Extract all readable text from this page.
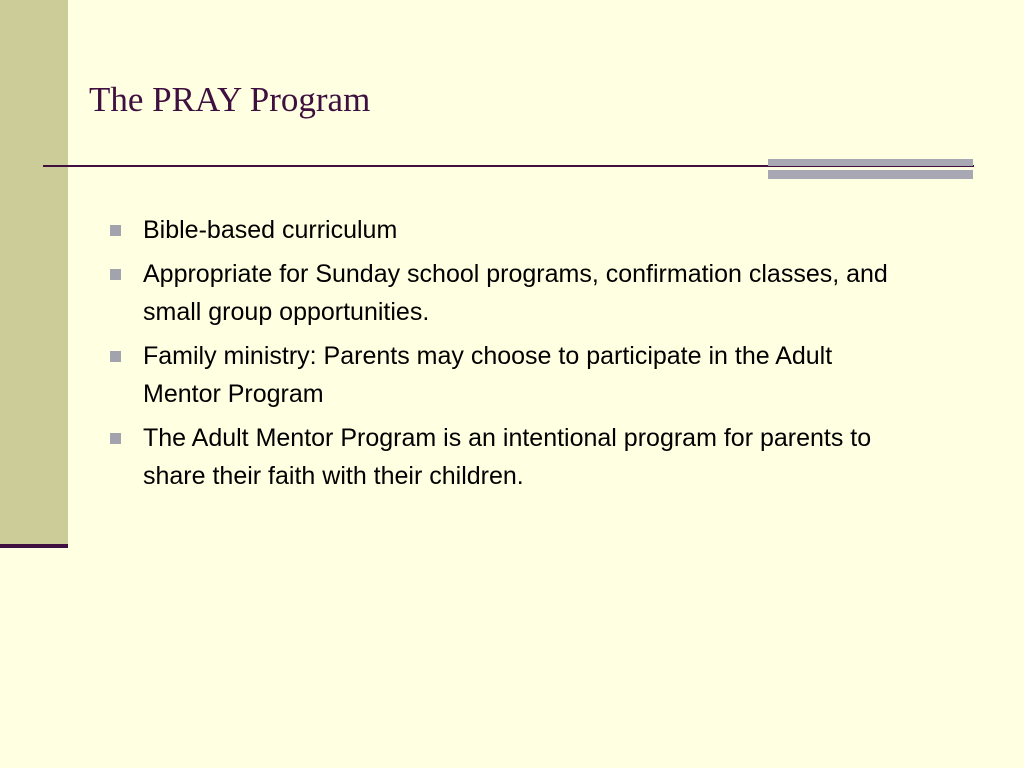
The PRAY Program
Bible-based curriculum
Appropriate for Sunday school programs, confirmation classes, and small group opportunities.
Family ministry: Parents may choose to participate in the Adult Mentor Program
The Adult Mentor Program is an intentional program for parents to share their faith with their children.
